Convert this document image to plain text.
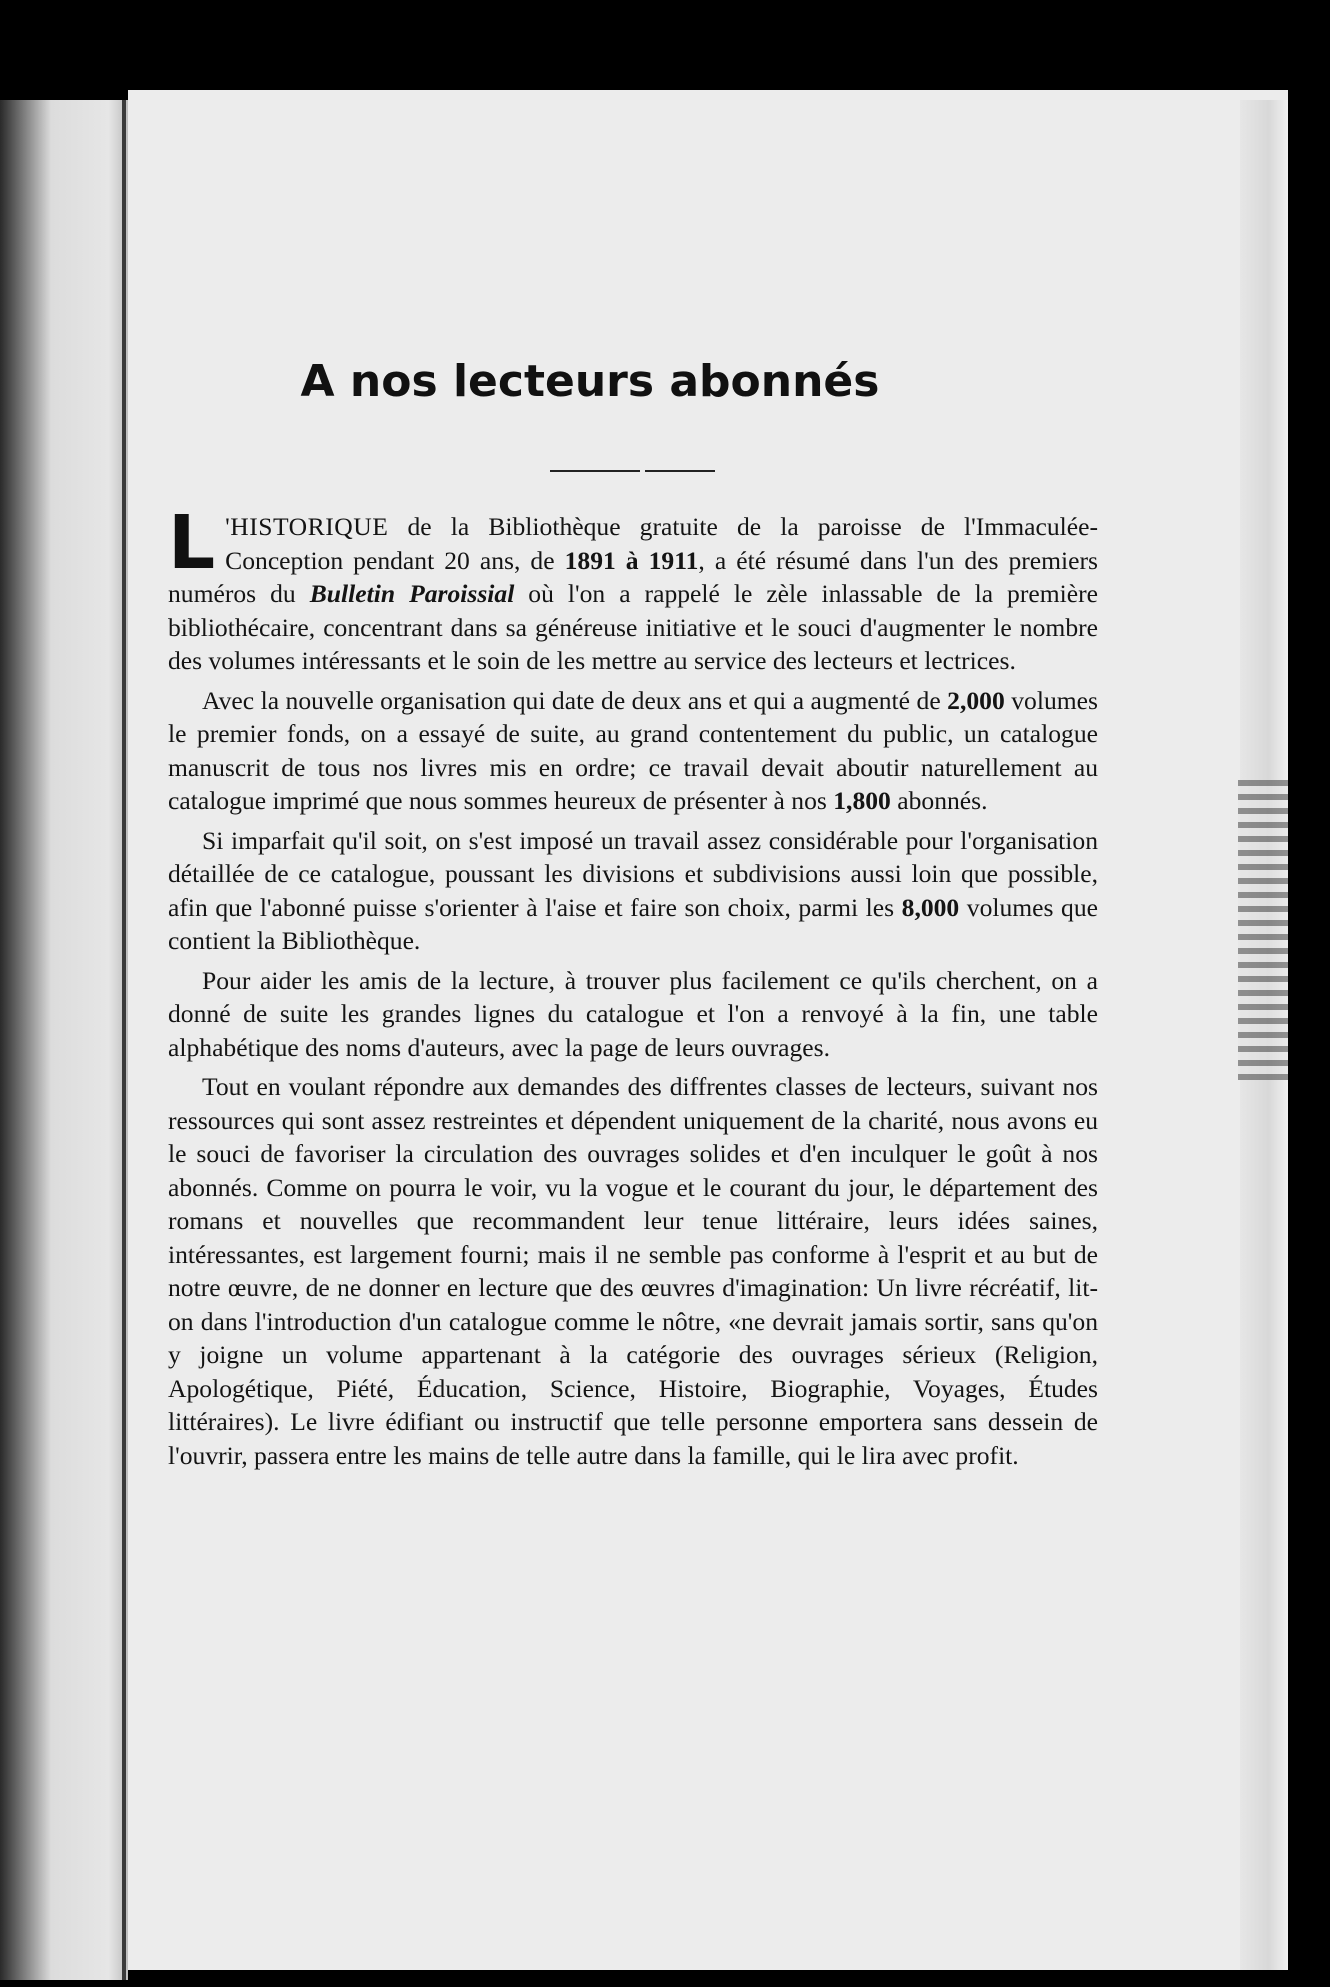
A nos lecteurs abonnés

L 'HISTORIQUE de la Bibliothèque gratuite de la paroisse de l'Immaculée-Conception pendant 20 ans, de 1891 à 1911, a été résumé dans l'un des premiers numéros du Bulletin Paroissial où l'on a rappelé le zèle inlassable de la première bibliothécaire, concentrant dans sa généreuse initiative et le souci d'augmenter le nombre des volumes intéressants et le soin de les mettre au service des lecteurs et lectrices.

Avec la nouvelle organisation qui date de deux ans et qui a augmenté de 2,000 volumes le premier fonds, on a essayé de suite, au grand contentement du public, un catalogue manuscrit de tous nos livres mis en ordre; ce travail devait aboutir naturellement au catalogue imprimé que nous sommes heureux de présenter à nos 1,800 abonnés.

Si imparfait qu'il soit, on s'est imposé un travail assez considérable pour l'organisation détaillée de ce catalogue, poussant les divisions et subdivisions aussi loin que possible, afin que l'abonné puisse s'orienter à l'aise et faire son choix, parmi les 8,000 volumes que contient la Bibliothèque.

Pour aider les amis de la lecture, à trouver plus facilement ce qu'ils cherchent, on a donné de suite les grandes lignes du catalogue et l'on a renvoyé à la fin, une table alphabétique des noms d'auteurs, avec la page de leurs ouvrages.

Tout en voulant répondre aux demandes des diffrentes classes de lecteurs, suivant nos ressources qui sont assez restreintes et dépendent uniquement de la charité, nous avons eu le souci de favoriser la circulation des ouvrages solides et d'en inculquer le goût à nos abonnés. Comme on pourra le voir, vu la vogue et le courant du jour, le département des romans et nouvelles que recommandent leur tenue littéraire, leurs idées saines, intéressantes, est largement fourni; mais il ne semble pas conforme à l'esprit et au but de notre œuvre, de ne donner en lecture que des œuvres d'imagination: Un livre récréatif, lit-on dans l'introduction d'un catalogue comme le nôtre, «ne devrait jamais sortir, sans qu'on y joigne un volume appartenant à la catégorie des ouvrages sérieux (Religion, Apologétique, Piété, Éducation, Science, Histoire, Biographie, Voyages, Études littéraires). Le livre édifiant ou instructif que telle personne emportera sans dessein de l'ouvrir, passera entre les mains de telle autre dans la famille, qui le lira avec profit.
